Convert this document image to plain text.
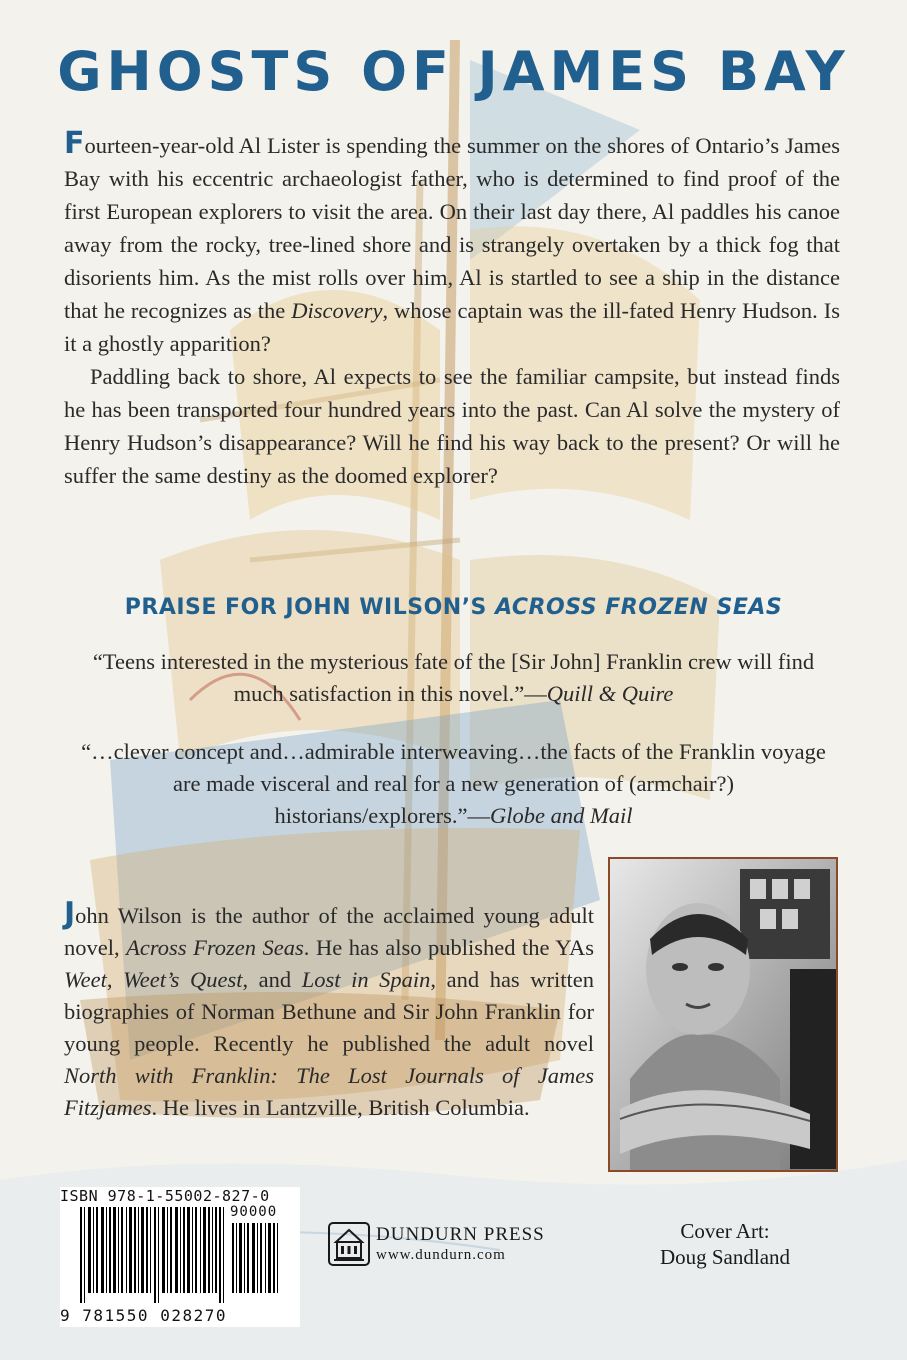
GHOSTS OF JAMES BAY

Fourteen-year-old Al Lister is spending the summer on the shores of Ontario’s James Bay with his eccentric archaeologist father, who is determined to find proof of the first European explorers to visit the area. On their last day there, Al paddles his canoe away from the rocky, tree-lined shore and is strangely overtaken by a thick fog that disorients him. As the mist rolls over him, Al is startled to see a ship in the distance that he recognizes as the Discovery, whose captain was the ill-fated Henry Hudson. Is it a ghostly apparition?

Paddling back to shore, Al expects to see the familiar campsite, but instead finds he has been transported four hundred years into the past. Can Al solve the mystery of Henry Hudson’s disappearance? Will he find his way back to the present? Or will he suffer the same destiny as the doomed explorer?

PRAISE FOR JOHN WILSON’S ACROSS FROZEN SEAS

“Teens interested in the mysterious fate of the [Sir John] Franklin crew will find much satisfaction in this novel.”—Quill & Quire

“…clever concept and…admirable interweaving…the facts of the Franklin voyage are made visceral and real for a new generation of (armchair?) historians/explorers.”—Globe and Mail

John Wilson is the author of the acclaimed young adult novel, Across Frozen Seas. He has also published the YAs Weet, Weet’s Quest, and Lost in Spain, and has written biographies of Norman Bethune and Sir John Franklin for young people. Recently he published the adult novel North with Franklin: The Lost Journals of James Fitzjames. He lives in Lantzville, British Columbia.

ISBN 978-1-55002-827-0
90000
9 781550 028270
DUNDURN PRESS
www.dundurn.com
Cover Art:
Doug Sandland
